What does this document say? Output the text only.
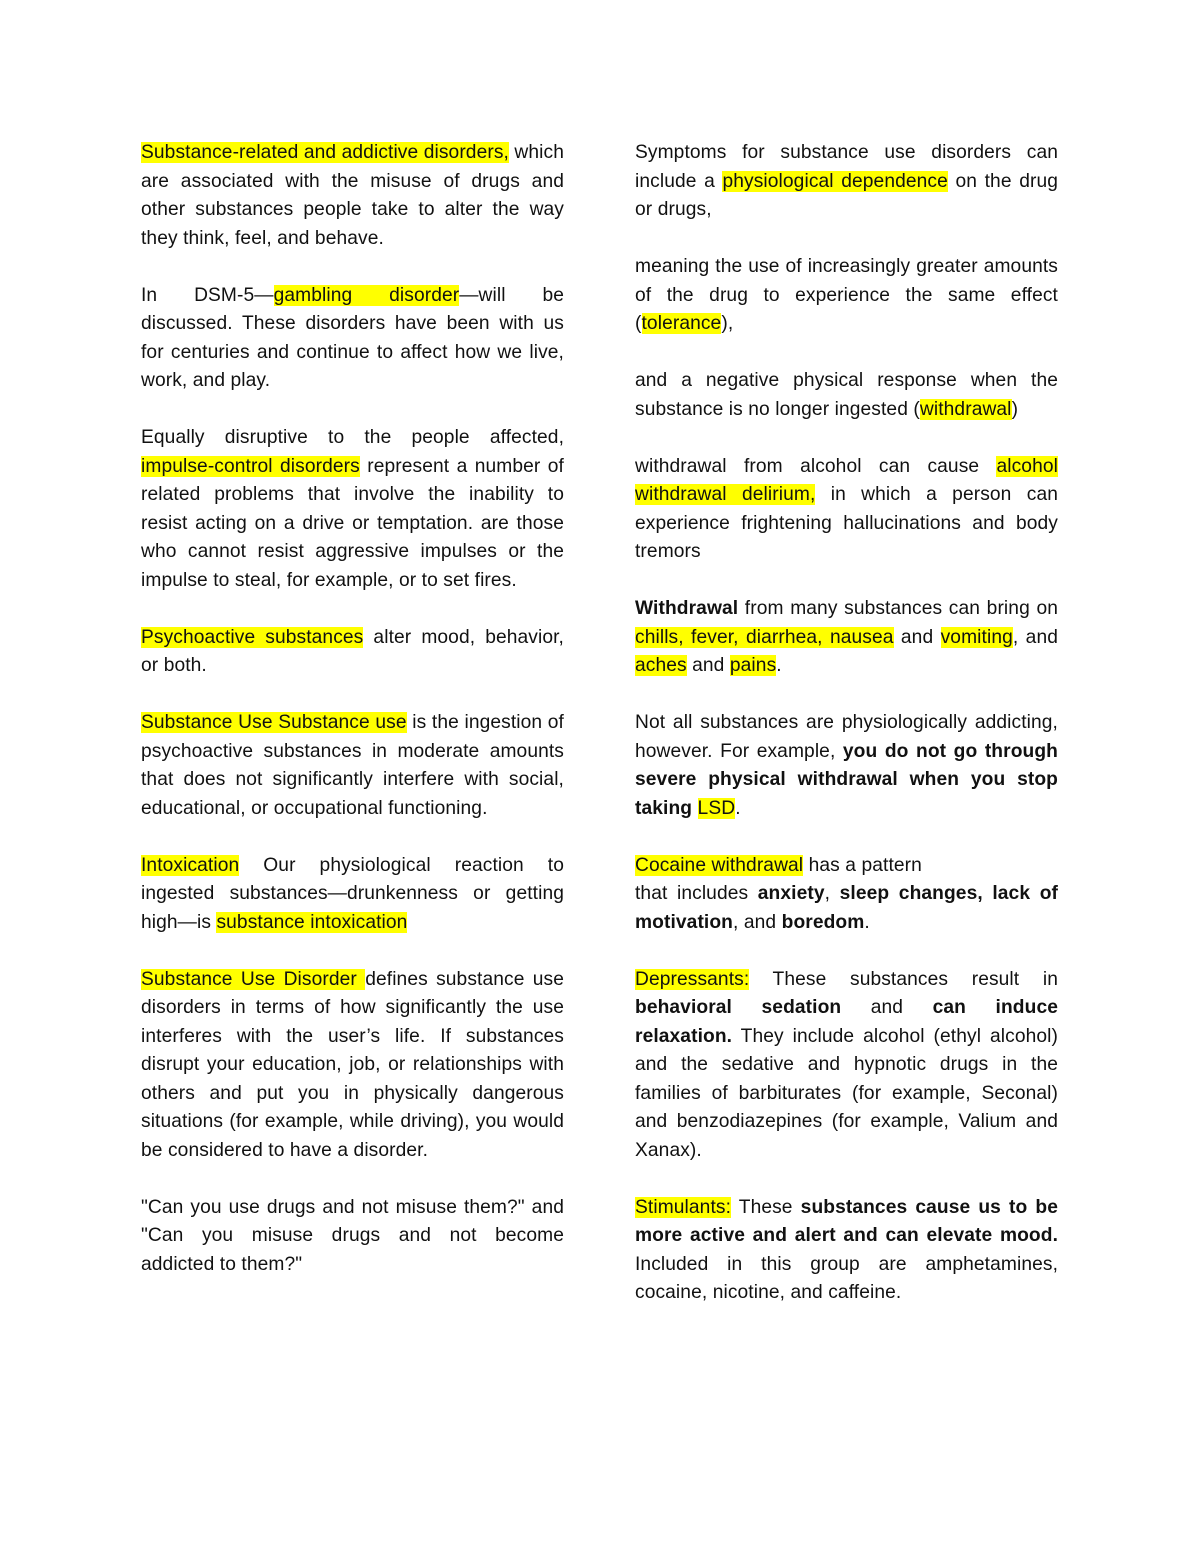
Substance-related and addictive disorders, which are associated with the misuse of drugs and other substances people take to alter the way they think, feel, and behave.

In DSM-5—gambling disorder—will be discussed. These disorders have been with us for centuries and continue to affect how we live, work, and play.

Equally disruptive to the people affected, impulse-control disorders represent a number of related problems that involve the inability to resist acting on a drive or temptation. are those who cannot resist aggressive impulses or the impulse to steal, for example, or to set fires.

Psychoactive substances alter mood, behavior, or both.

Substance Use Substance use is the ingestion of psychoactive substances in moderate amounts that does not significantly interfere with social, educational, or occupational functioning.

Intoxication Our physiological reaction to ingested substances—drunkenness or getting high—is substance intoxication

Substance Use Disorder defines substance use disorders in terms of how significantly the use interferes with the user’s life. If substances disrupt your education, job, or relationships with others and put you in physically dangerous situations (for example, while driving), you would be considered to have a disorder.

"Can you use drugs and not misuse them?" and "Can you misuse drugs and not become addicted to them?"

Symptoms for substance use disorders can include a physiological dependence on the drug or drugs,

meaning the use of increasingly greater amounts of the drug to experience the same effect (tolerance),

and a negative physical response when the substance is no longer ingested (withdrawal)

withdrawal from alcohol can cause alcohol withdrawal delirium, in which a person can experience frightening hallucinations and body tremors

Withdrawal from many substances can bring on chills, fever, diarrhea, nausea and vomiting, and aches and pains.

Not all substances are physiologically addicting, however. For example, you do not go through severe physical withdrawal when you stop taking LSD.

Cocaine withdrawal has a pattern
that includes anxiety, sleep changes, lack of motivation, and boredom.

Depressants: These substances result in behavioral sedation and can induce relaxation. They include alcohol (ethyl alcohol) and the sedative and hypnotic drugs in the families of barbiturates (for example, Seconal) and benzodiazepines (for example, Valium and Xanax).

Stimulants: These substances cause us to be more active and alert and can elevate mood. Included in this group are amphetamines, cocaine, nicotine, and caffeine.
